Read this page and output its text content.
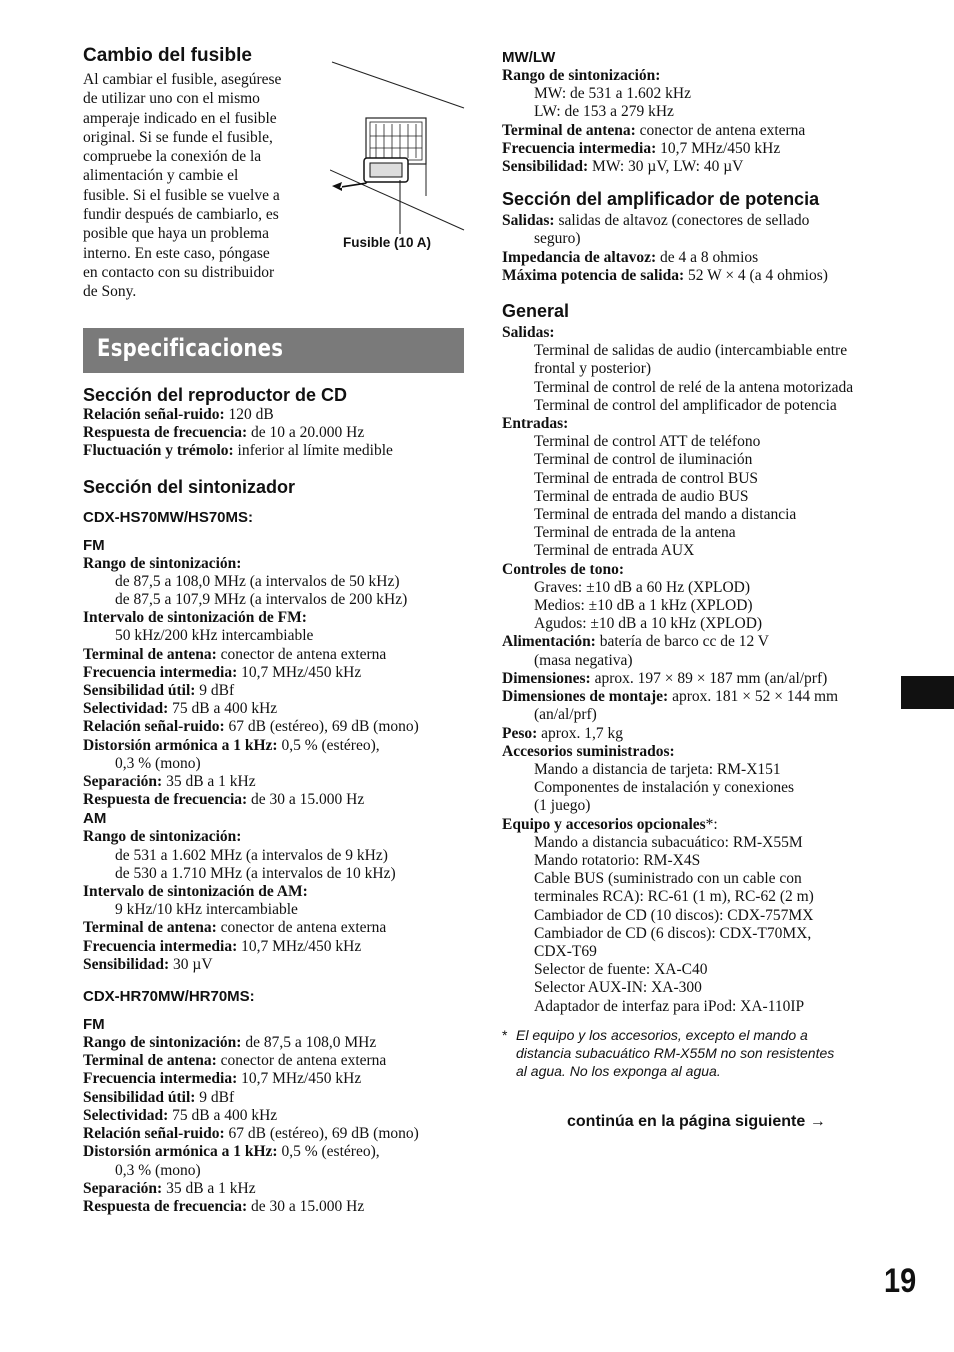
Cambio del fusible
Al cambiar el fusible, asegúrese
de utilizar uno con el mismo
amperaje indicado en el fusible
original. Si se funde el fusible,
compruebe la conexión de la
alimentación y cambie el
fusible. Si el fusible se vuelve a
fundir después de cambiarlo, es
posible que haya un problema
interno. En este caso, póngase
en contacto con su distribuidor
de Sony.
Fusible (10 A)
Especificaciones
Sección del reproductor de CD
Relación señal-ruido: 120 dB
Respuesta de frecuencia: de 10 a 20.000 Hz
Fluctuación y trémolo: inferior al límite medible
Sección del sintonizador
CDX-HS70MW/HS70MS:
FM
Rango de sintonización:
de 87,5 a 108,0 MHz (a intervalos de 50 kHz)
de 87,5 a 107,9 MHz (a intervalos de 200 kHz)
Intervalo de sintonización de FM:
50 kHz/200 kHz intercambiable
Terminal de antena: conector de antena externa
Frecuencia intermedia: 10,7 MHz/450 kHz
Sensibilidad útil: 9 dBf
Selectividad: 75 dB a 400 kHz
Relación señal-ruido: 67 dB (estéreo), 69 dB (mono)
Distorsión armónica a 1 kHz: 0,5 % (estéreo),
0,3 % (mono)
Separación: 35 dB a 1 kHz
Respuesta de frecuencia: de 30 a 15.000 Hz
AM
Rango de sintonización:
de 531 a 1.602 MHz (a intervalos de 9 kHz)
de 530 a 1.710 MHz (a intervalos de 10 kHz)
Intervalo de sintonización de AM:
9 kHz/10 kHz intercambiable
Terminal de antena: conector de antena externa
Frecuencia intermedia: 10,7 MHz/450 kHz
Sensibilidad: 30 µV
CDX-HR70MW/HR70MS:
FM
Rango de sintonización: de 87,5 a 108,0 MHz
Terminal de antena: conector de antena externa
Frecuencia intermedia: 10,7 MHz/450 kHz
Sensibilidad útil: 9 dBf
Selectividad: 75 dB a 400 kHz
Relación señal-ruido: 67 dB (estéreo), 69 dB (mono)
Distorsión armónica a 1 kHz: 0,5 % (estéreo),
0,3 % (mono)
Separación: 35 dB a 1 kHz
Respuesta de frecuencia: de 30 a 15.000 Hz
MW/LW
Rango de sintonización:
MW: de 531 a 1.602 kHz
LW: de 153 a 279 kHz
Terminal de antena: conector de antena externa
Frecuencia intermedia: 10,7 MHz/450 kHz
Sensibilidad: MW: 30 µV, LW: 40 µV
Sección del amplificador de potencia
Salidas: salidas de altavoz (conectores de sellado
seguro)
Impedancia de altavoz: de 4 a 8 ohmios
Máxima potencia de salida: 52 W × 4 (a 4 ohmios)
General
Salidas:
Terminal de salidas de audio (intercambiable entre
frontal y posterior)
Terminal de control de relé de la antena motorizada
Terminal de control del amplificador de potencia
Entradas:
Terminal de control ATT de teléfono
Terminal de control de iluminación
Terminal de entrada de control BUS
Terminal de entrada de audio BUS
Terminal de entrada del mando a distancia
Terminal de entrada de la antena
Terminal de entrada AUX
Controles de tono:
Graves: ±10 dB a 60 Hz (XPLOD)
Medios: ±10 dB a 1 kHz (XPLOD)
Agudos: ±10 dB a 10 kHz (XPLOD)
Alimentación: batería de barco cc de 12 V
(masa negativa)
Dimensiones: aprox. 197 × 89 × 187 mm (an/al/prf)
Dimensiones de montaje: aprox. 181 × 52 × 144 mm
(an/al/prf)
Peso: aprox. 1,7 kg
Accesorios suministrados:
Mando a distancia de tarjeta: RM-X151
Componentes de instalación y conexiones
(1 juego)
Equipo y accesorios opcionales*:
Mando a distancia subacuático: RM-X55M
Mando rotatorio: RM-X4S
Cable BUS (suministrado con un cable con
terminales RCA): RC-61 (1 m), RC-62 (2 m)
Cambiador de CD (10 discos): CDX-757MX
Cambiador de CD (6 discos): CDX-T70MX,
CDX-T69
Selector de fuente: XA-C40
Selector AUX-IN: XA-300
Adaptador de interfaz para iPod: XA-110IP
* El equipo y los accesorios, excepto el mando a
distancia subacuático RM-X55M no son resistentes
al agua. No los exponga al agua.
continúa en la página siguiente →
19
